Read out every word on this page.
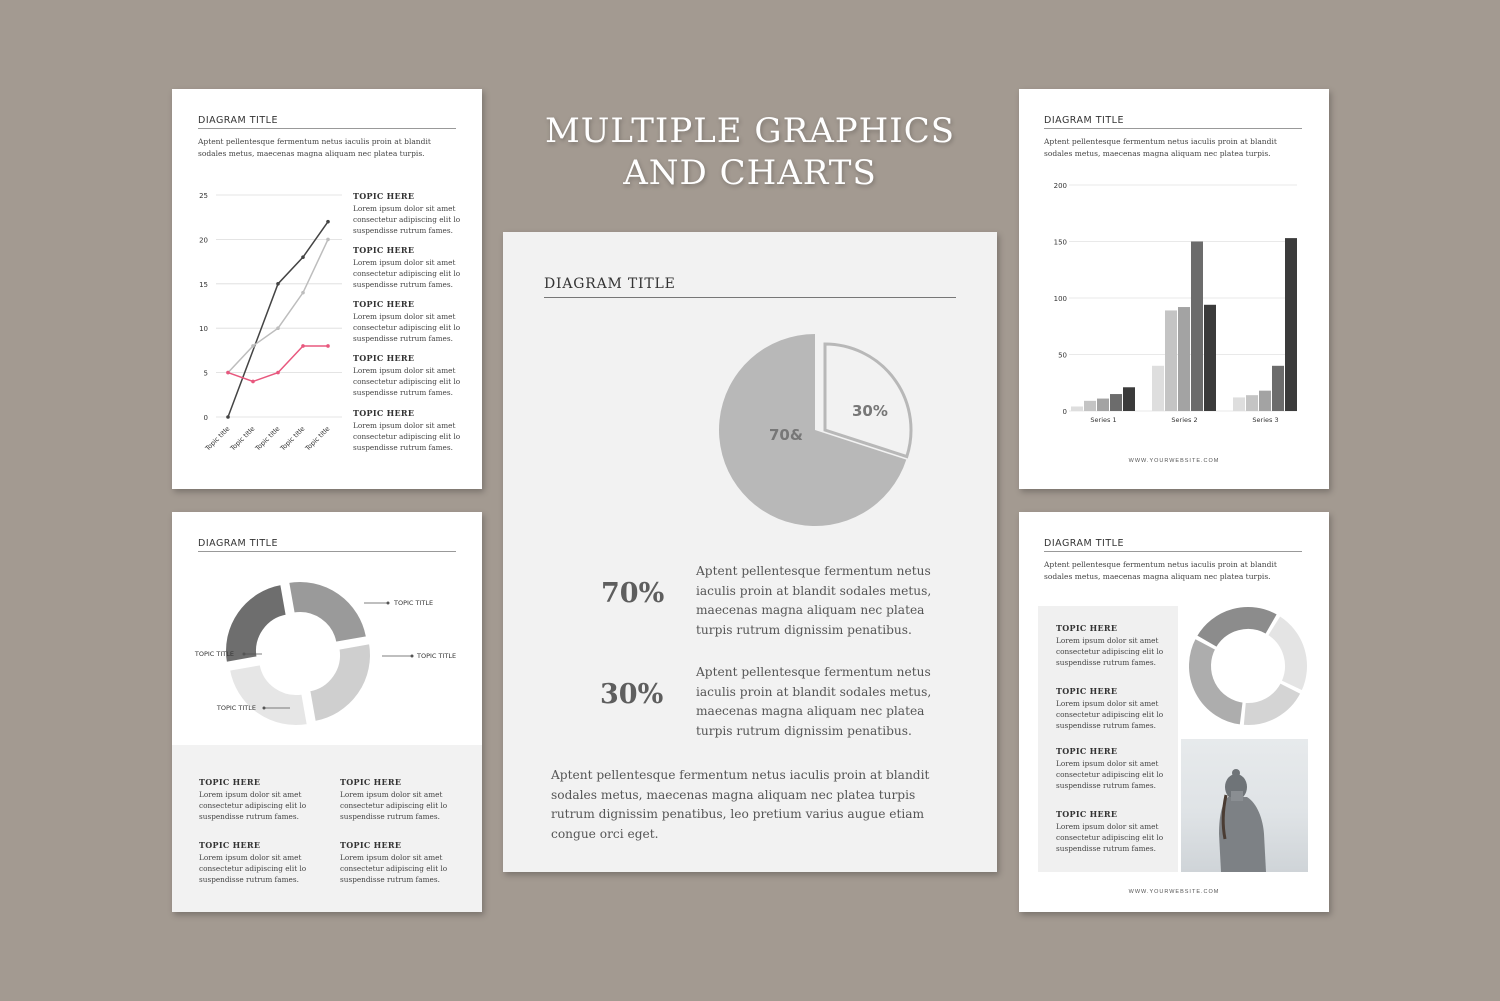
MULTIPLE GRAPHICS
AND CHARTS
DIAGRAM TITLE
Aptent pellentesque fermentum netus iaculis proin at blandit sodales metus, maecenas magna aliquam nec platea turpis.
0
5
10
15
20
25
Topic title
Topic title
Topic title
Topic title
Topic title
TOPIC HERE

Lorem ipsum dolor sit amet consectetur adipiscing elit lo suspendisse rutrum fames.

TOPIC HERE

Lorem ipsum dolor sit amet consectetur adipiscing elit lo suspendisse rutrum fames.

TOPIC HERE

Lorem ipsum dolor sit amet consectetur adipiscing elit lo suspendisse rutrum fames.

TOPIC HERE

Lorem ipsum dolor sit amet consectetur adipiscing elit lo suspendisse rutrum fames.

TOPIC HERE

Lorem ipsum dolor sit amet consectetur adipiscing elit lo suspendisse rutrum fames.

DIAGRAM TITLE
TOPIC TITLE
TOPIC TITLE
TOPIC TITLE
TOPIC TITLE
TOPIC HERE

Lorem ipsum dolor sit amet consectetur adipiscing elit lo suspendisse rutrum fames.

TOPIC HERE

Lorem ipsum dolor sit amet consectetur adipiscing elit lo suspendisse rutrum fames.

TOPIC HERE

Lorem ipsum dolor sit amet consectetur adipiscing elit lo suspendisse rutrum fames.

TOPIC HERE

Lorem ipsum dolor sit amet consectetur adipiscing elit lo suspendisse rutrum fames.

DIAGRAM TITLE
70&
30%
70%
Aptent pellentesque fermentum netus iaculis proin at blandit sodales metus, maecenas magna aliquam nec platea turpis rutrum dignissim penatibus.
30%
Aptent pellentesque fermentum netus iaculis proin at blandit sodales metus, maecenas magna aliquam nec platea turpis rutrum dignissim penatibus.
Aptent pellentesque fermentum netus iaculis proin at blandit sodales metus, maecenas magna aliquam nec platea turpis rutrum dignissim penatibus, leo pretium varius augue etiam congue orci eget.
DIAGRAM TITLE
Aptent pellentesque fermentum netus iaculis proin at blandit sodales metus, maecenas magna aliquam nec platea turpis.
0
50
100
150
200
Series 1	Series 2	Series 3
WWW.YOURWEBSITE.COM
DIAGRAM TITLE
Aptent pellentesque fermentum netus iaculis proin at blandit sodales metus, maecenas magna aliquam nec platea turpis.
TOPIC HERE

Lorem ipsum dolor sit amet consectetur adipiscing elit lo suspendisse rutrum fames.

TOPIC HERE

Lorem ipsum dolor sit amet consectetur adipiscing elit lo suspendisse rutrum fames.

TOPIC HERE

Lorem ipsum dolor sit amet consectetur adipiscing elit lo suspendisse rutrum fames.

TOPIC HERE

Lorem ipsum dolor sit amet consectetur adipiscing elit lo suspendisse rutrum fames.

WWW.YOURWEBSITE.COM
